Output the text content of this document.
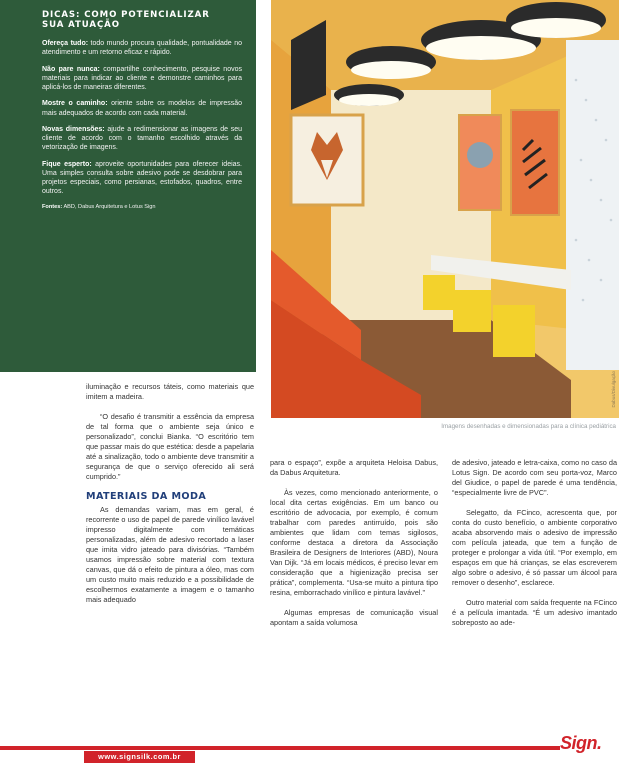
DICAS: COMO POTENCIALIZAR
SUA ATUAÇÃO

Ofereça tudo: todo mundo procura qualidade, pontualidade no atendimento e um retorno eficaz e rápido.

Não pare nunca: compartilhe conhecimento, pesquise novos materiais para indicar ao cliente e demonstre caminhos para aplicá-los de maneiras diferentes.

Mostre o caminho: oriente sobre os modelos de impressão mais adequados de acordo com cada material.

Novas dimensões: ajude a redimensionar as imagens de seu cliente de acordo com o tamanho escolhido através da vetorização de imagens.

Fique esperto: aproveite oportunidades para oferecer ideias. Uma simples consulta sobre adesivo pode se desdobrar para projetos especiais, como persianas, estofados, quadros, entre outros.

Fontes: ABD, Dabus Arquitetura e Lotus Sign

Dabus/Divulgação
Imagens desenhadas e dimensionadas para a clínica pediátrica

iluminação e recursos táteis, como materiais que imitem a madeira.

“O desafio é transmitir a essência da empresa de tal forma que o ambiente seja único e personalizado”, conclui Bianka. “O escritório tem que passar mais do que estética: desde a papelaria até a sinalização, todo o ambiente deve transmitir a segurança de que o serviço oferecido ali será cumprido.”

MATERIAIS DA MODA

As demandas variam, mas em geral, é recorrente o uso de papel de parede vinílico lavável impresso digitalmente com temáticas personalizadas, além de adesivo recortado a laser que imita vidro jateado para divisórias. “Também usamos impressão sobre material com textura canvas, que dá o efeito de pintura a óleo, mas com um custo muito mais reduzido e a possibilidade de escolhermos exatamente a imagem e o tamanho mais adequado

para o espaço”, expõe a arquiteta Heloisa Dabus, da Dabus Arquitetura.

Às vezes, como mencionado anteriormente, o local dita certas exigências. Em um banco ou escritório de advocacia, por exemplo, é comum trabalhar com paredes antirruído, pois são ambientes que lidam com temas sigilosos, conforme destaca a diretora da Associação Brasileira de Designers de Interiores (ABD), Noura Van Dijk. “Já em locais médicos, é preciso levar em consideração que a higienização precisa ser prática”, complementa. “Usa-se muito a pintura tipo resina, emborrachado vinílico e pintura lavável.”

Algumas empresas de comunicação visual apontam a saída volumosa

de adesivo, jateado e letra-caixa, como no caso da Lotus Sign. De acordo com seu porta-voz, Marco del Giudice, o papel de parede é uma tendência, “especialmente livre de PVC”.

Selegatto, da FCinco, acrescenta que, por conta do custo benefício, o ambiente corporativo acaba absorvendo mais o adesivo de impressão com película jateada, que tem a função de proteger e prolongar a vida útil. “Por exemplo, em espaços em que há crianças, se elas escreverem algo sobre o adesivo, é só passar um álcool para remover o desenho”, esclarece.

Outro material com saída frequente na FCinco é a película imantada. “É um adesivo imantado sobreposto ao ade-

www.signsilk.com.br
Sign.
